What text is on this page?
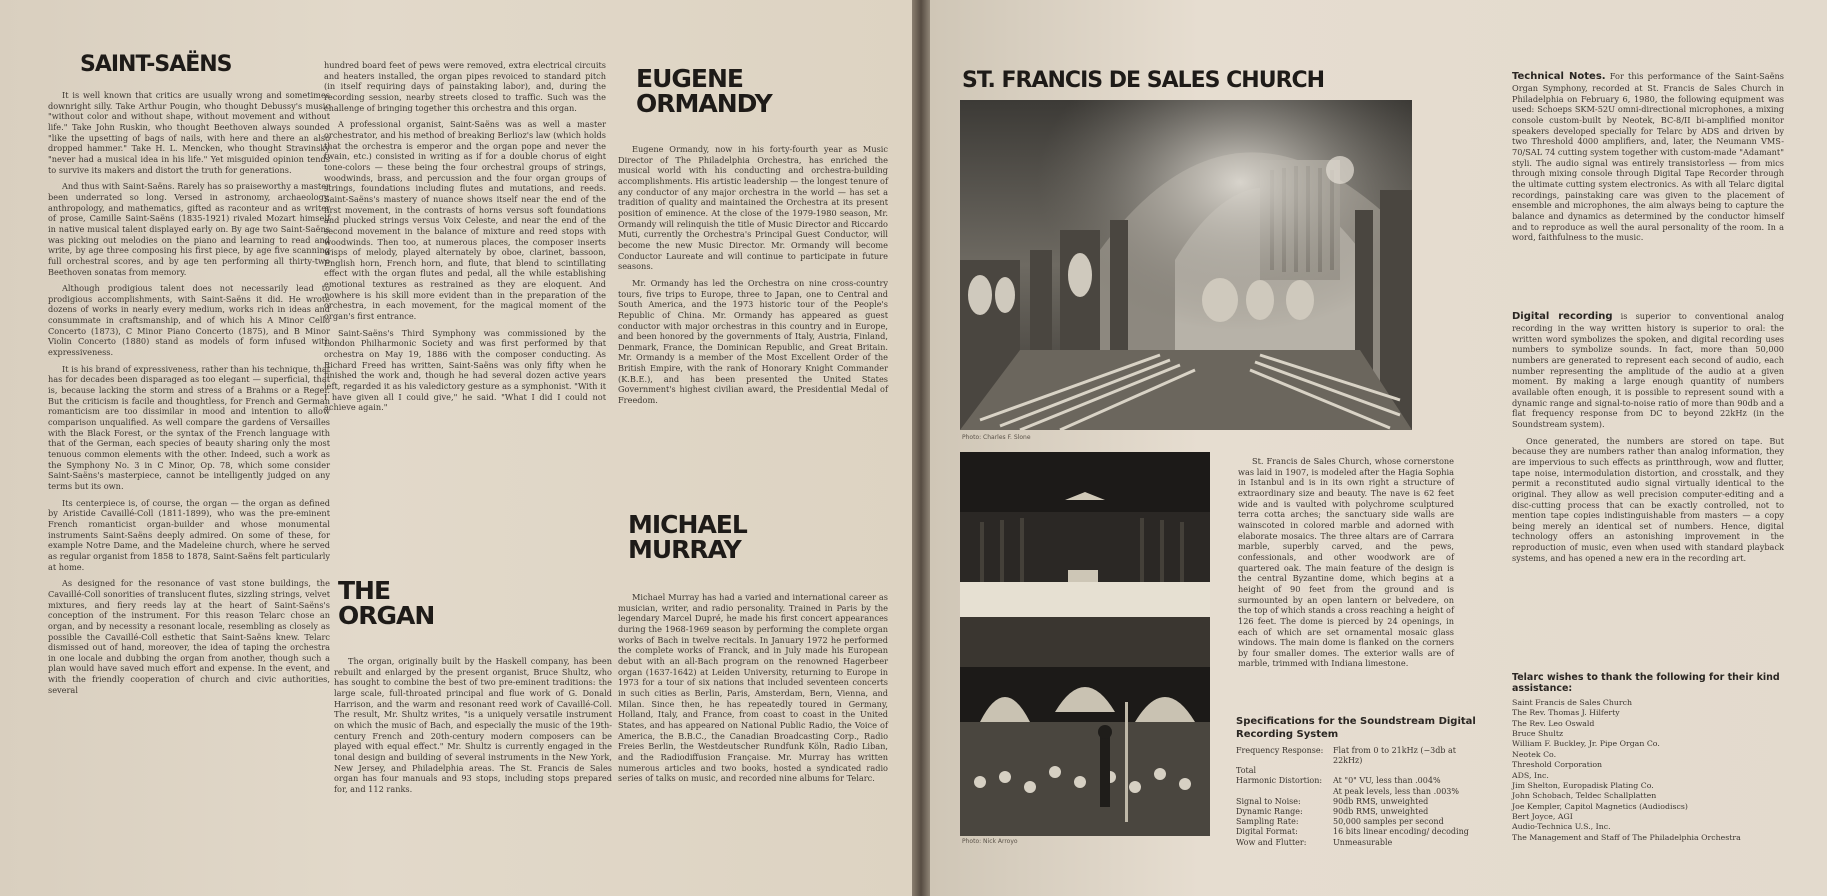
SAINT-SAËNS

It is well known that critics are usually wrong and sometimes downright silly. Take Arthur Pougin, who thought Debussy's music "without color and without shape, without movement and without life." Take John Ruskin, who thought Beethoven always sounded "like the upsetting of bags of nails, with here and there an also dropped hammer." Take H. L. Mencken, who thought Stravinsky "never had a musical idea in his life." Yet misguided opinion tends to survive its makers and distort the truth for generations.

And thus with Saint-Saëns. Rarely has so praiseworthy a master been underrated so long. Versed in astronomy, archaeology, anthropology, and mathematics, gifted as raconteur and as writer of prose, Camille Saint-Saëns (1835-1921) rivaled Mozart himself in native musical talent displayed early on. By age two Saint-Saëns was picking out melodies on the piano and learning to read and write, by age three composing his first piece, by age five scanning full orchestral scores, and by age ten performing all thirty-two Beethoven sonatas from memory.

Although prodigious talent does not necessarily lead to prodigious accomplishments, with Saint-Saëns it did. He wrote dozens of works in nearly every medium, works rich in ideas and consummate in craftsmanship, and of which his A Minor Cello Concerto (1873), C Minor Piano Concerto (1875), and B Minor Violin Concerto (1880) stand as models of form infused with expressiveness.

It is his brand of expressiveness, rather than his technique, that has for decades been disparaged as too elegant — superficial, that is, because lacking the storm and stress of a Brahms or a Reger. But the criticism is facile and thoughtless, for French and German romanticism are too dissimilar in mood and intention to allow comparison unqualified. As well compare the gardens of Versailles with the Black Forest, or the syntax of the French language with that of the German, each species of beauty sharing only the most tenuous common elements with the other. Indeed, such a work as the Symphony No. 3 in C Minor, Op. 78, which some consider Saint-Saëns's masterpiece, cannot be intelligently judged on any terms but its own.

Its centerpiece is, of course, the organ — the organ as defined by Aristide Cavaillé-Coll (1811-1899), who was the pre-eminent French romanticist organ-builder and whose monumental instruments Saint-Saëns deeply admired. On some of these, for example Notre Dame, and the Madeleine church, where he served as regular organist from 1858 to 1878, Saint-Saëns felt particularly at home.

As designed for the resonance of vast stone buildings, the Cavaillé-Coll sonorities of translucent flutes, sizzling strings, velvet mixtures, and fiery reeds lay at the heart of Saint-Saëns's conception of the instrument. For this reason Telarc chose an organ, and by necessity a resonant locale, resembling as closely as possible the Cavaillé-Coll esthetic that Saint-Saëns knew. Telarc dismissed out of hand, moreover, the idea of taping the orchestra in one locale and dubbing the organ from another, though such a plan would have saved much effort and expense. In the event, and with the friendly cooperation of church and civic authorities, several

hundred board feet of pews were removed, extra electrical circuits and heaters installed, the organ pipes revoiced to standard pitch (in itself requiring days of painstaking labor), and, during the recording session, nearby streets closed to traffic. Such was the challenge of bringing together this orchestra and this organ.

A professional organist, Saint-Saëns was as well a master orchestrator, and his method of breaking Berlioz's law (which holds that the orchestra is emperor and the organ pope and never the twain, etc.) consisted in writing as if for a double chorus of eight tone-colors — these being the four orchestral groups of strings, woodwinds, brass, and percussion and the four organ groups of strings, foundations including flutes and mutations, and reeds. Saint-Saëns's mastery of nuance shows itself near the end of the first movement, in the contrasts of horns versus soft foundations and plucked strings versus Voix Celeste, and near the end of the second movement in the balance of mixture and reed stops with woodwinds. Then too, at numerous places, the composer inserts wisps of melody, played alternately by oboe, clarinet, bassoon, English horn, French horn, and flute, that blend to scintillating effect with the organ flutes and pedal, all the while establishing emotional textures as restrained as they are eloquent. And nowhere is his skill more evident than in the preparation of the orchestra, in each movement, for the magical moment of the organ's first entrance.

Saint-Saëns's Third Symphony was commissioned by the London Philharmonic Society and was first performed by that orchestra on May 19, 1886 with the composer conducting. As Richard Freed has written, Saint-Saëns was only fifty when he finished the work and, though he had several dozen active years left, regarded it as his valedictory gesture as a symphonist. "With it I have given all I could give," he said. "What I did I could not achieve again."

THE
ORGAN

The organ, originally built by the Haskell company, has been rebuilt and enlarged by the present organist, Bruce Shultz, who has sought to combine the best of two pre-eminent traditions: the large scale, full-throated principal and flue work of G. Donald Harrison, and the warm and resonant reed work of Cavaillé-Coll. The result, Mr. Shultz writes, "is a uniquely versatile instrument on which the music of Bach, and especially the music of the 19th-century French and 20th-century modern composers can be played with equal effect." Mr. Shultz is currently engaged in the tonal design and building of several instruments in the New York, New Jersey, and Philadelphia areas. The St. Francis de Sales organ has four manuals and 93 stops, including stops prepared for, and 112 ranks.

EUGENE
ORMANDY

Eugene Ormandy, now in his forty-fourth year as Music Director of The Philadelphia Orchestra, has enriched the musical world with his conducting and orchestra-building accomplishments. His artistic leadership — the longest tenure of any conductor of any major orchestra in the world — has set a tradition of quality and maintained the Orchestra at its present position of eminence. At the close of the 1979-1980 season, Mr. Ormandy will relinquish the title of Music Director and Riccardo Muti, currently the Orchestra's Principal Guest Conductor, will become the new Music Director. Mr. Ormandy will become Conductor Laureate and will continue to participate in future seasons.

Mr. Ormandy has led the Orchestra on nine cross-country tours, five trips to Europe, three to Japan, one to Central and South America, and the 1973 historic tour of the People's Republic of China. Mr. Ormandy has appeared as guest conductor with major orchestras in this country and in Europe, and been honored by the governments of Italy, Austria, Finland, Denmark, France, the Dominican Republic, and Great Britain. Mr. Ormandy is a member of the Most Excellent Order of the British Empire, with the rank of Honorary Knight Commander (K.B.E.), and has been presented the United States Government's highest civilian award, the Presidential Medal of Freedom.

MICHAEL
MURRAY

Michael Murray has had a varied and international career as musician, writer, and radio personality. Trained in Paris by the legendary Marcel Dupré, he made his first concert appearances during the 1968-1969 season by performing the complete organ works of Bach in twelve recitals. In January 1972 he performed the complete works of Franck, and in July made his European debut with an all-Bach program on the renowned Hagerbeer organ (1637-1642) at Leiden University, returning to Europe in 1973 for a tour of six nations that included seventeen concerts in such cities as Berlin, Paris, Amsterdam, Bern, Vienna, and Milan. Since then, he has repeatedly toured in Germany, Holland, Italy, and France, from coast to coast in the United States, and has appeared on National Public Radio, the Voice of America, the B.B.C., the Canadian Broadcasting Corp., Radio Freies Berlin, the Westdeutscher Rundfunk Köln, Radio Liban, and the Radiodiffusion Française. Mr. Murray has written numerous articles and two books, hosted a syndicated radio series of talks on music, and recorded nine albums for Telarc.

ST. FRANCIS DE SALES CHURCH
Photo: Charles F. Slone
Photo: Nick Arroyo

St. Francis de Sales Church, whose cornerstone was laid in 1907, is modeled after the Hagia Sophia in Istanbul and is in its own right a structure of extraordinary size and beauty. The nave is 62 feet wide and is vaulted with polychrome sculptured terra cotta arches; the sanctuary side walls are wainscoted in colored marble and adorned with elaborate mosaics. The three altars are of Carrara marble, superbly carved, and the pews, confessionals, and other woodwork are of quartered oak. The main feature of the design is the central Byzantine dome, which begins at a height of 90 feet from the ground and is surmounted by an open lantern or belvedere, on the top of which stands a cross reaching a height of 126 feet. The dome is pierced by 24 openings, in each of which are set ornamental mosaic glass windows. The main dome is flanked on the corners by four smaller domes. The exterior walls are of marble, trimmed with Indiana limestone.

Specifications for the Soundstream Digital Recording System
Frequency Response:	Flat from 0 to 21kHz (−3db at 22kHz)
Total
Harmonic Distortion:	At "0" VU, less than .004%
At peak levels, less than .003%
Signal to Noise:	90db RMS, unweighted
Dynamic Range:	90db RMS, unweighted
Sampling Rate:	50,000 samples per second
Digital Format:	16 bits linear encoding/ decoding
Wow and Flutter:	Unmeasurable

Technical Notes. For this performance of the Saint-Saëns Organ Symphony, recorded at St. Francis de Sales Church in Philadelphia on February 6, 1980, the following equipment was used: Schoeps SKM-52U omni-directional microphones, a mixing console custom-built by Neotek, BC-8/II bi-amplified monitor speakers developed specially for Telarc by ADS and driven by two Threshold 4000 amplifiers, and, later, the Neumann VMS-70/SAL 74 cutting system together with custom-made "Adamant" styli. The audio signal was entirely transistorless — from mics through mixing console through Digital Tape Recorder through the ultimate cutting system electronics. As with all Telarc digital recordings, painstaking care was given to the placement of ensemble and microphones, the aim always being to capture the balance and dynamics as determined by the conductor himself and to reproduce as well the aural personality of the room. In a word, faithfulness to the music.

Digital recording is superior to conventional analog recording in the way written history is superior to oral: the written word symbolizes the spoken, and digital recording uses numbers to symbolize sounds. In fact, more than 50,000 numbers are generated to represent each second of audio, each number representing the amplitude of the audio at a given moment. By making a large enough quantity of numbers available often enough, it is possible to represent sound with a dynamic range and signal-to-noise ratio of more than 90db and a flat frequency response from DC to beyond 22kHz (in the Soundstream system).

Once generated, the numbers are stored on tape. But because they are numbers rather than analog information, they are impervious to such effects as printthrough, wow and flutter, tape noise, intermodulation distortion, and crosstalk, and they permit a reconstituted audio signal virtually identical to the original. They allow as well precision computer-editing and a disc-cutting process that can be exactly controlled, not to mention tape copies indistinguishable from masters — a copy being merely an identical set of numbers. Hence, digital technology offers an astonishing improvement in the reproduction of music, even when used with standard playback systems, and has opened a new era in the recording art.

Telarc wishes to thank the following for their kind assistance:
Saint Francis de Sales Church
The Rev. Thomas J. Hilferty
The Rev. Leo Oswald
Bruce Shultz
William F. Buckley, Jr. Pipe Organ Co.
Neotek Co.
Threshold Corporation
ADS, Inc.
Jim Shelton, Europadisk Plating Co.
John Schobach, Teldec Schallplatten
Joe Kempler, Capitol Magnetics (Audiodiscs)
Bert Joyce, AGI
Audio-Technica U.S., Inc.
The Management and Staff of The Philadelphia Orchestra
